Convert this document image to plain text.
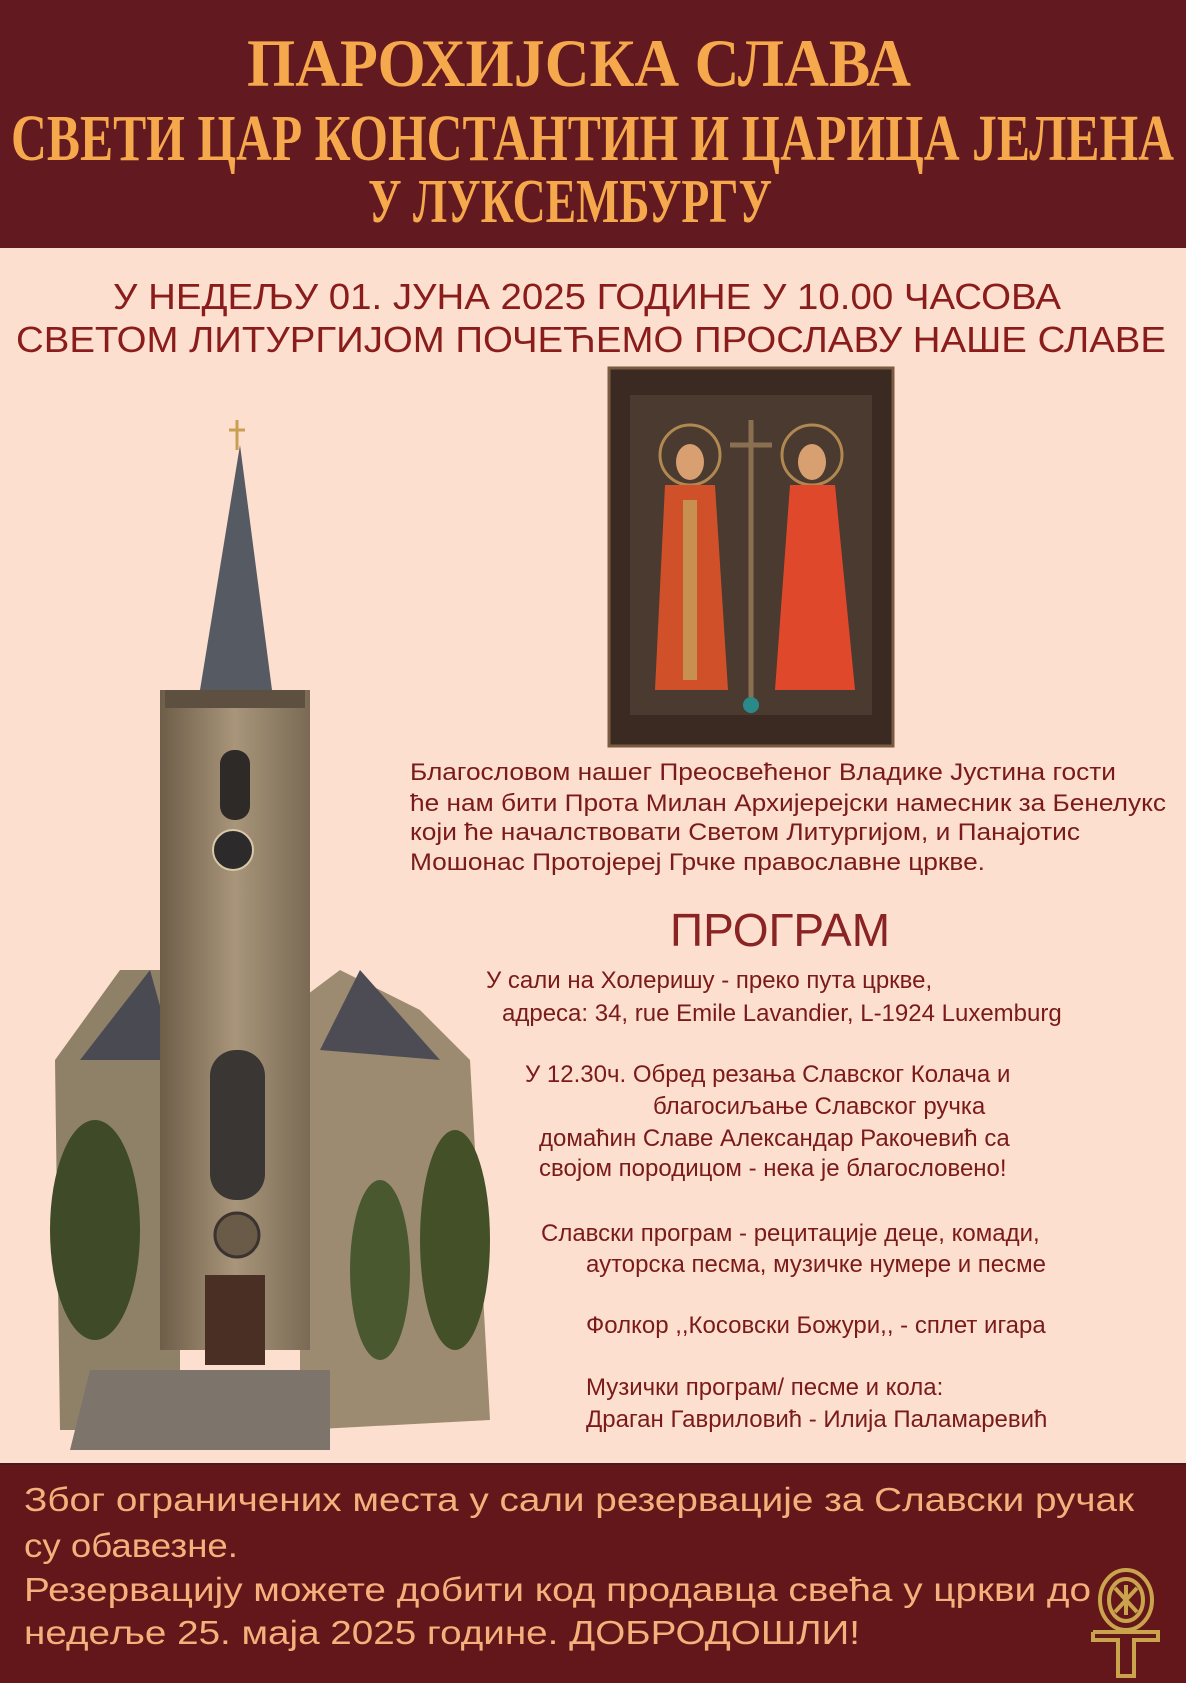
ПАРОХИЈСКА СЛАВА
СВЕТИ ЦАР КОНСТАНТИН И ЦАРИЦА ЈЕЛЕНА
У ЛУКСЕМБУРГУ
У НЕДЕЉУ 01. ЈУНА 2025 ГОДИНЕ У 10.00 ЧАСОВА
СВЕТОМ ЛИТУРГИЈОМ ПОЧЕЋЕМО ПРОСЛАВУ НАШЕ СЛАВЕ
Благословом нашег Преосвећеног Владике Јустина гости
ће нам бити Прота Милан Архијерејски намесник за Бенелукс
који ће началствовати Светом Литургијом, и Панајотис
Мошонас Протојереј Грчке православне цркве.
ПРОГРАМ
У сали на Холеришу - преко пута цркве,
адреса: 34, rue Emile Lavandier, L-1924 Luxemburg
У 12.30ч. Обред резања Славског Колача и
благосиљање Славског ручка
домаћин Славе Александар Ракочевић са
својом породицом - нека је благословено!
Славски програм - рецитације деце, комади,
ауторска песма, музичке нумере и песме
Фолкор ,,Косовски Божури,, - сплет игара
Музички програм/ песме и кола:
Драган Гавриловић - Илија Паламаревић
Због ограничених места у сали резервације за Славски ручак
су обавезне.
Резервацију можете добити код продавца свећа у цркви до
недеље 25. маја 2025 године. ДОБРОДОШЛИ!
